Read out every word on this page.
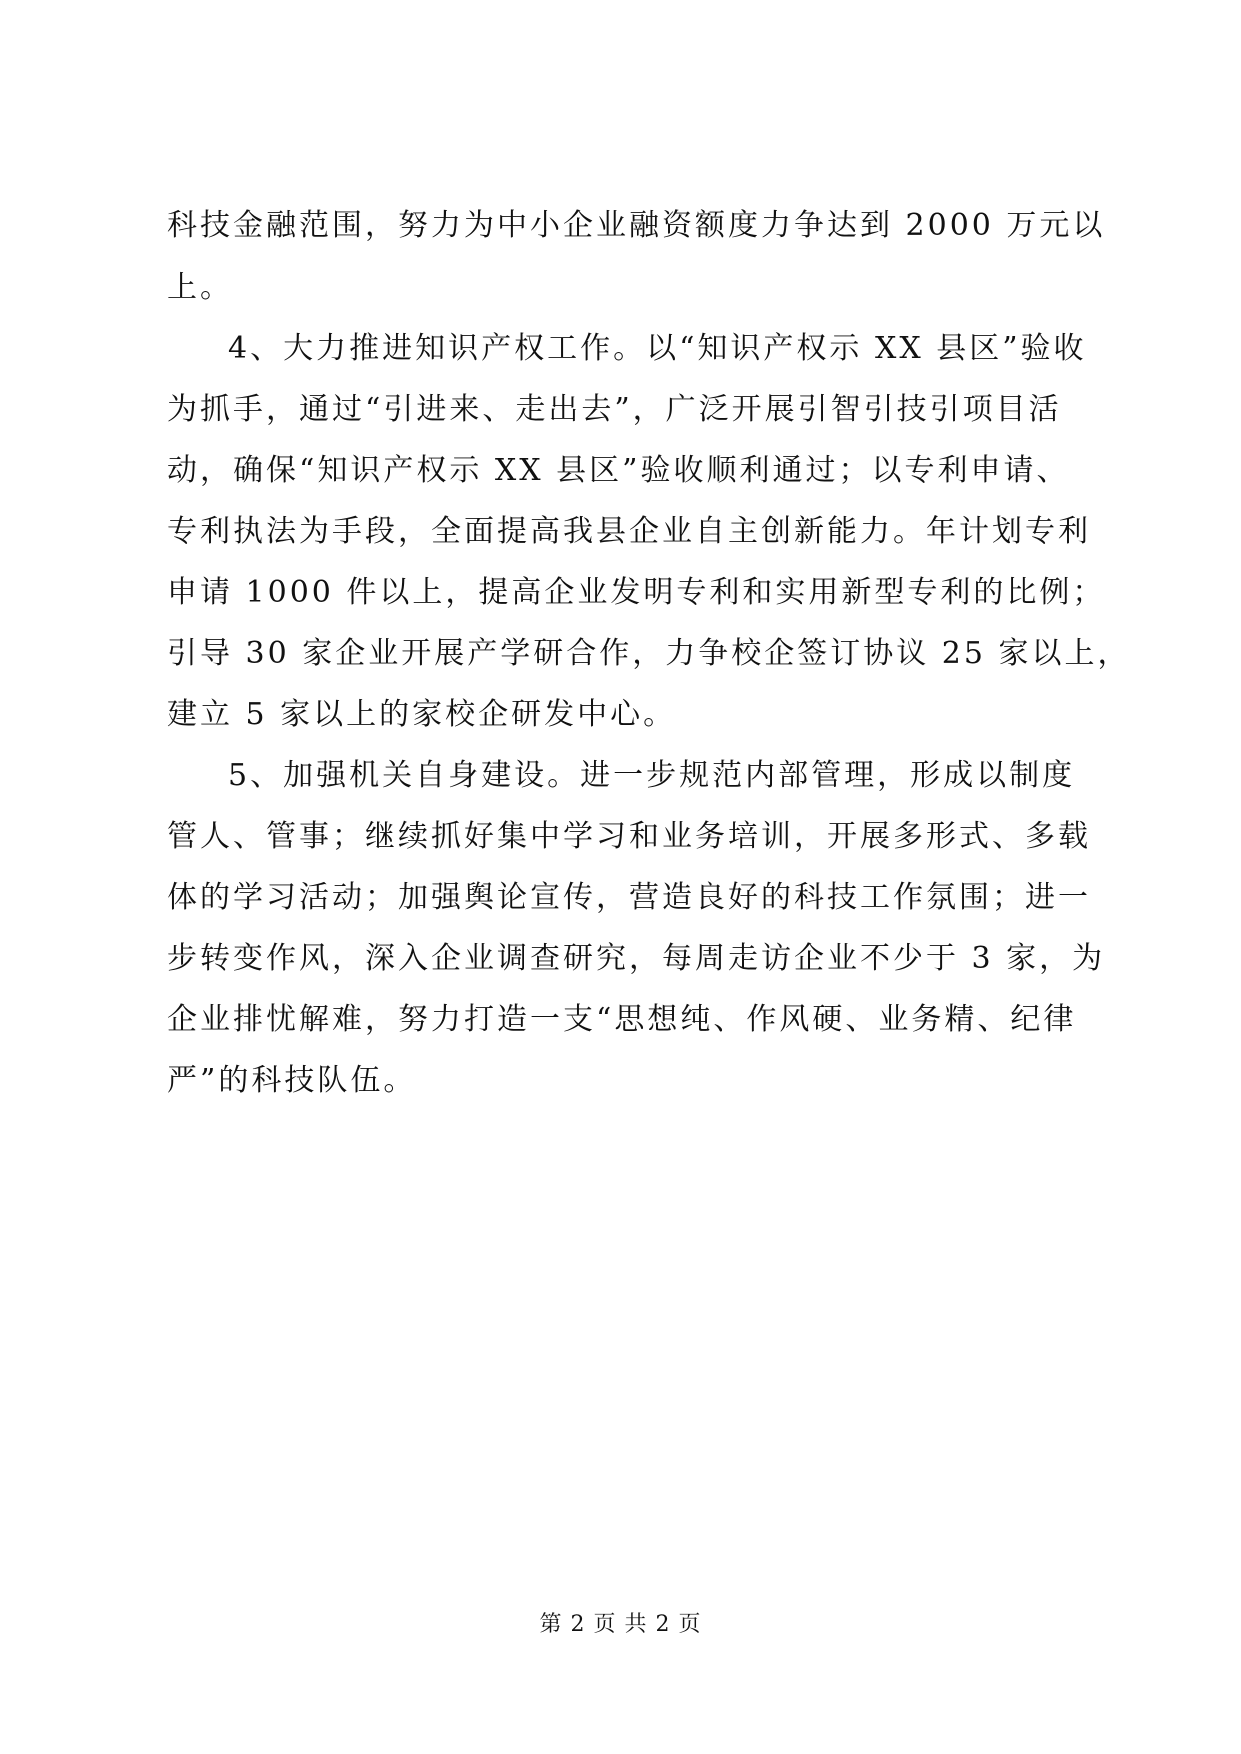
科技金融范围，努力为中小企业融资额度力争达到 2000 万元以
上。
4、大力推进知识产权工作。以“知识产权示 XX 县区”验收
为抓手，通过“引进来、走出去”，广泛开展引智引技引项目活
动，确保“知识产权示 XX 县区”验收顺利通过；以专利申请、
专利执法为手段，全面提高我县企业自主创新能力。年计划专利
申请 1000 件以上，提高企业发明专利和实用新型专利的比例；
引导 30 家企业开展产学研合作，力争校企签订协议 25 家以上，
建立 5 家以上的家校企研发中心。
5、加强机关自身建设。进一步规范内部管理，形成以制度
管人、管事；继续抓好集中学习和业务培训，开展多形式、多载
体的学习活动；加强舆论宣传，营造良好的科技工作氛围；进一
步转变作风，深入企业调查研究，每周走访企业不少于 3 家，为
企业排忧解难，努力打造一支“思想纯、作风硬、业务精、纪律
严”的科技队伍。
第 2 页 共 2 页
